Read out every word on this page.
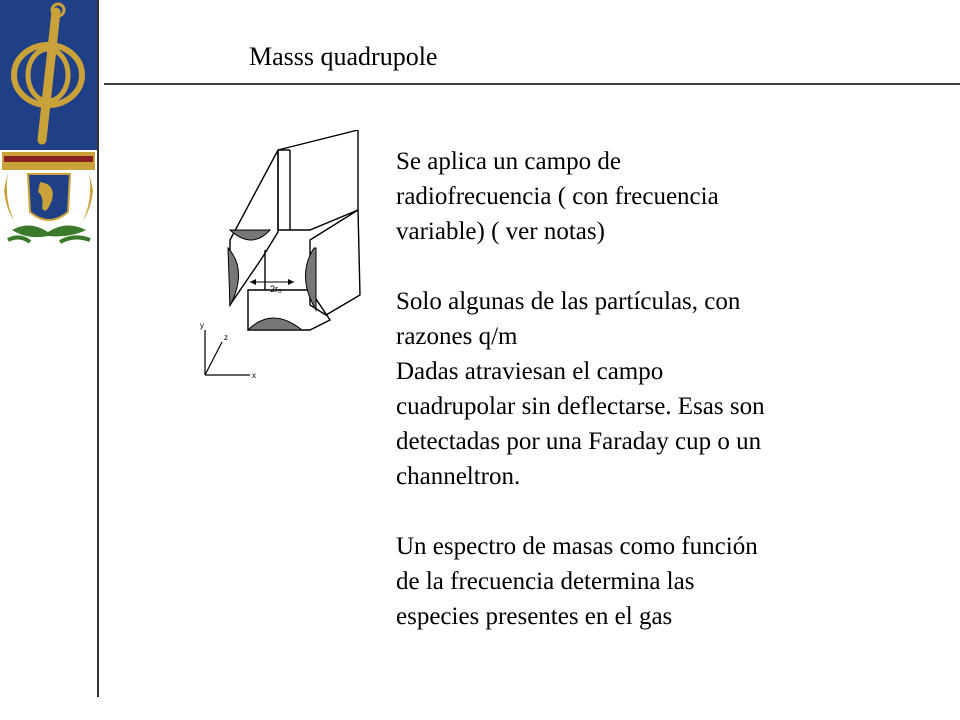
Masss quadrupole
2r₀
y
x
z

Se aplica un campo de
radiofrecuencia ( con frecuencia
variable) ( ver notas)

Solo algunas de las partículas, con
razones q/m
Dadas atraviesan el campo
cuadrupolar sin deflectarse. Esas son
detectadas por una Faraday cup o un
channeltron.

Un espectro de masas como función
de la frecuencia determina las
especies presentes en el gas
